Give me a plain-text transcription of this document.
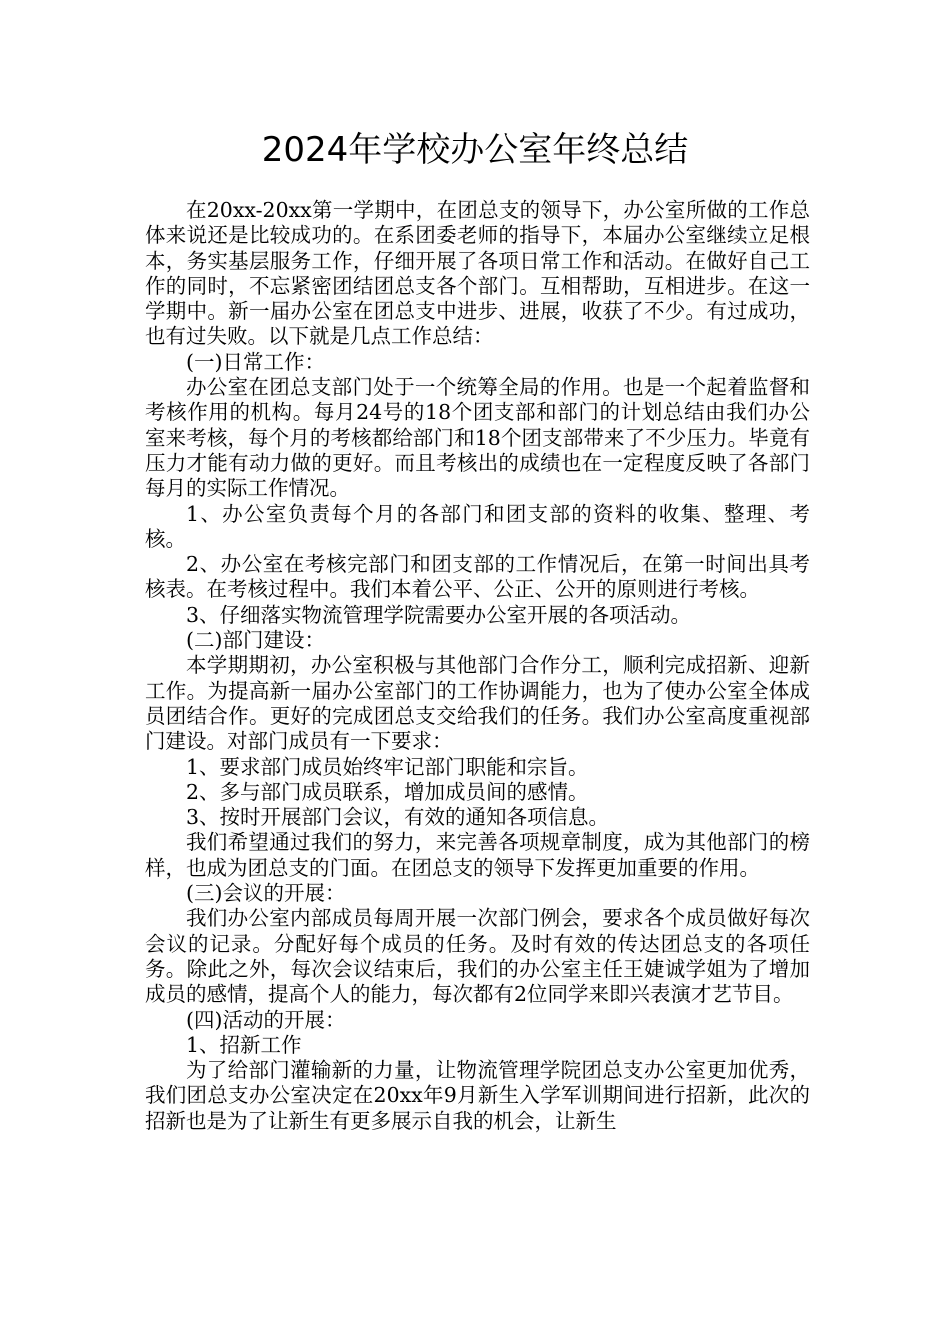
2024年学校办公室年终总结

在20xx-20xx第一学期中，在团总支的领导下，办公室所做的工作总体来说还是比较成功的。在系团委老师的指导下，本届办公室继续立足根本，务实基层服务工作，仔细开展了各项日常工作和活动。在做好自己工作的同时，不忘紧密团结团总支各个部门。互相帮助，互相进步。在这一学期中。新一届办公室在团总支中进步、进展，收获了不少。有过成功，也有过失败。以下就是几点工作总结：

(一)日常工作：

办公室在团总支部门处于一个统筹全局的作用。也是一个起着监督和考核作用的机构。每月24号的18个团支部和部门的计划总结由我们办公室来考核，每个月的考核都给部门和18个团支部带来了不少压力。毕竟有压力才能有动力做的更好。而且考核出的成绩也在一定程度反映了各部门每月的实际工作情况。

1、办公室负责每个月的各部门和团支部的资料的收集、整理、考核。

2、办公室在考核完部门和团支部的工作情况后，在第一时间出具考核表。在考核过程中。我们本着公平、公正、公开的原则进行考核。

3、仔细落实物流管理学院需要办公室开展的各项活动。

(二)部门建设：

本学期期初，办公室积极与其他部门合作分工，顺利完成招新、迎新工作。为提高新一届办公室部门的工作协调能力，也为了使办公室全体成员团结合作。更好的完成团总支交给我们的任务。我们办公室高度重视部门建设。对部门成员有一下要求：

1、要求部门成员始终牢记部门职能和宗旨。

2、多与部门成员联系，增加成员间的感情。

3、按时开展部门会议，有效的通知各项信息。

我们希望通过我们的努力，来完善各项规章制度，成为其他部门的榜样，也成为团总支的门面。在团总支的领导下发挥更加重要的作用。

(三)会议的开展：

我们办公室内部成员每周开展一次部门例会，要求各个成员做好每次会议的记录。分配好每个成员的任务。及时有效的传达团总支的各项任务。除此之外，每次会议结束后，我们的办公室主任王婕诚学姐为了增加成员的感情，提高个人的能力，每次都有2位同学来即兴表演才艺节目。

(四)活动的开展：

1、招新工作

为了给部门灌输新的力量，让物流管理学院团总支办公室更加优秀，我们团总支办公室决定在20xx年9月新生入学军训期间进行招新，此次的招新也是为了让新生有更多展示自我的机会，让新生
